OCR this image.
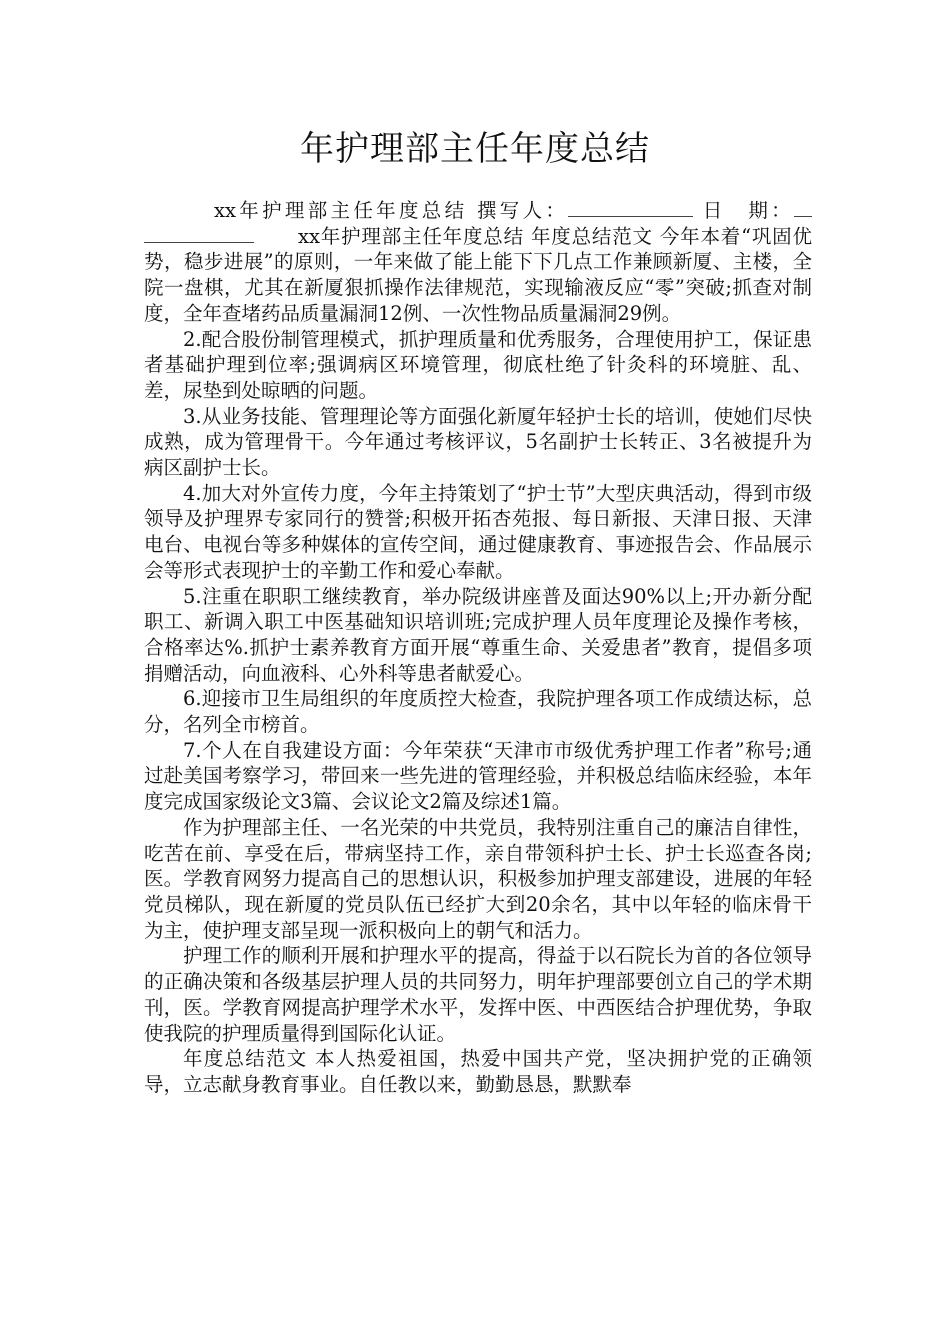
年护理部主任年度总结

xx年护理部主任年度总结 撰写人：	日　期：xx年护理部主任年度总结 年度总结范文 今年本着“巩固优势，稳步进展”的原则，一年来做了能上能下下几点工作兼顾新厦、主楼，全院一盘棋，尤其在新厦狠抓操作法律规范，实现输液反应“零”突破;抓查对制度，全年查堵药品质量漏洞12例、一次性物品质量漏洞29例。

2.配合股份制管理模式，抓护理质量和优秀服务，合理使用护工，保证患者基础护理到位率;强调病区环境管理，彻底杜绝了针灸科的环境脏、乱、差，尿垫到处晾晒的问题。

3.从业务技能、管理理论等方面强化新厦年轻护士长的培训，使她们尽快成熟，成为管理骨干。今年通过考核评议，5名副护士长转正、3名被提升为病区副护士长。

4.加大对外宣传力度，今年主持策划了“护士节”大型庆典活动，得到市级领导及护理界专家同行的赞誉;积极开拓杏苑报、每日新报、天津日报、天津电台、电视台等多种媒体的宣传空间，通过健康教育、事迹报告会、作品展示会等形式表现护士的辛勤工作和爱心奉献。

5.注重在职职工继续教育，举办院级讲座普及面达90%以上;开办新分配职工、新调入职工中医基础知识培训班;完成护理人员年度理论及操作考核，合格率达%.抓护士素养教育方面开展“尊重生命、关爱患者”教育，提倡多项捐赠活动，向血液科、心外科等患者献爱心。

6.迎接市卫生局组织的年度质控大检查，我院护理各项工作成绩达标，总分，名列全市榜首。

7.个人在自我建设方面：今年荣获“天津市市级优秀护理工作者”称号;通过赴美国考察学习，带回来一些先进的管理经验，并积极总结临床经验，本年度完成国家级论文3篇、会议论文2篇及综述1篇。

作为护理部主任、一名光荣的中共党员，我特别注重自己的廉洁自律性，吃苦在前、享受在后，带病坚持工作，亲自带领科护士长、护士长巡查各岗;医。学教育网努力提高自己的思想认识，积极参加护理支部建设，进展的年轻党员梯队，现在新厦的党员队伍已经扩大到20余名，其中以年轻的临床骨干为主，使护理支部呈现一派积极向上的朝气和活力。

护理工作的顺利开展和护理水平的提高，得益于以石院长为首的各位领导的正确决策和各级基层护理人员的共同努力，明年护理部要创立自己的学术期刊，医。学教育网提高护理学术水平，发挥中医、中西医结合护理优势，争取使我院的护理质量得到国际化认证。

年度总结范文 本人热爱祖国，热爱中国共产党，坚决拥护党的正确领导，立志献身教育事业。自任教以来，勤勤恳恳，默默奉
